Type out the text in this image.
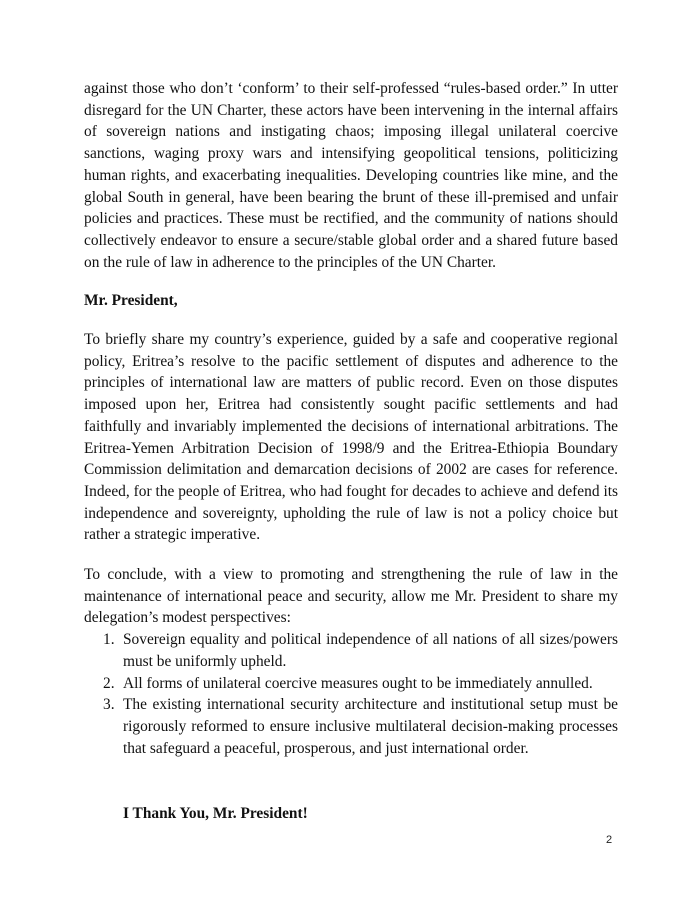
against those who don’t ‘conform’ to their self-professed “rules-based order.” In utter disregard for the UN Charter, these actors have been intervening in the internal affairs of sovereign nations and instigating chaos; imposing illegal unilateral coercive sanctions, waging proxy wars and intensifying geopolitical tensions, politicizing human rights, and exacerbating inequalities. Developing countries like mine, and the global South in general, have been bearing the brunt of these ill-premised and unfair policies and practices. These must be rectified, and the community of nations should collectively endeavor to ensure a secure/stable global order and a shared future based on the rule of law in adherence to the principles of the UN Charter.

Mr. President,

To briefly share my country’s experience, guided by a safe and cooperative regional policy, Eritrea’s resolve to the pacific settlement of disputes and adherence to the principles of international law are matters of public record. Even on those disputes imposed upon her, Eritrea had consistently sought pacific settlements and had faithfully and invariably implemented the decisions of international arbitrations. The Eritrea-Yemen Arbitration Decision of 1998/9 and the Eritrea-Ethiopia Boundary Commission delimitation and demarcation decisions of 2002 are cases for reference. Indeed, for the people of Eritrea, who had fought for decades to achieve and defend its independence and sovereignty, upholding the rule of law is not a policy choice but rather a strategic imperative.

To conclude, with a view to promoting and strengthening the rule of law in the maintenance of international peace and security, allow me Mr. President to share my delegation’s modest perspectives:

1. Sovereign equality and political independence of all nations of all sizes/powers must be uniformly upheld.
2. All forms of unilateral coercive measures ought to be immediately annulled.
3. The existing international security architecture and institutional setup must be rigorously reformed to ensure inclusive multilateral decision-making processes that safeguard a peaceful, prosperous, and just international order.

I Thank You, Mr. President!

2
